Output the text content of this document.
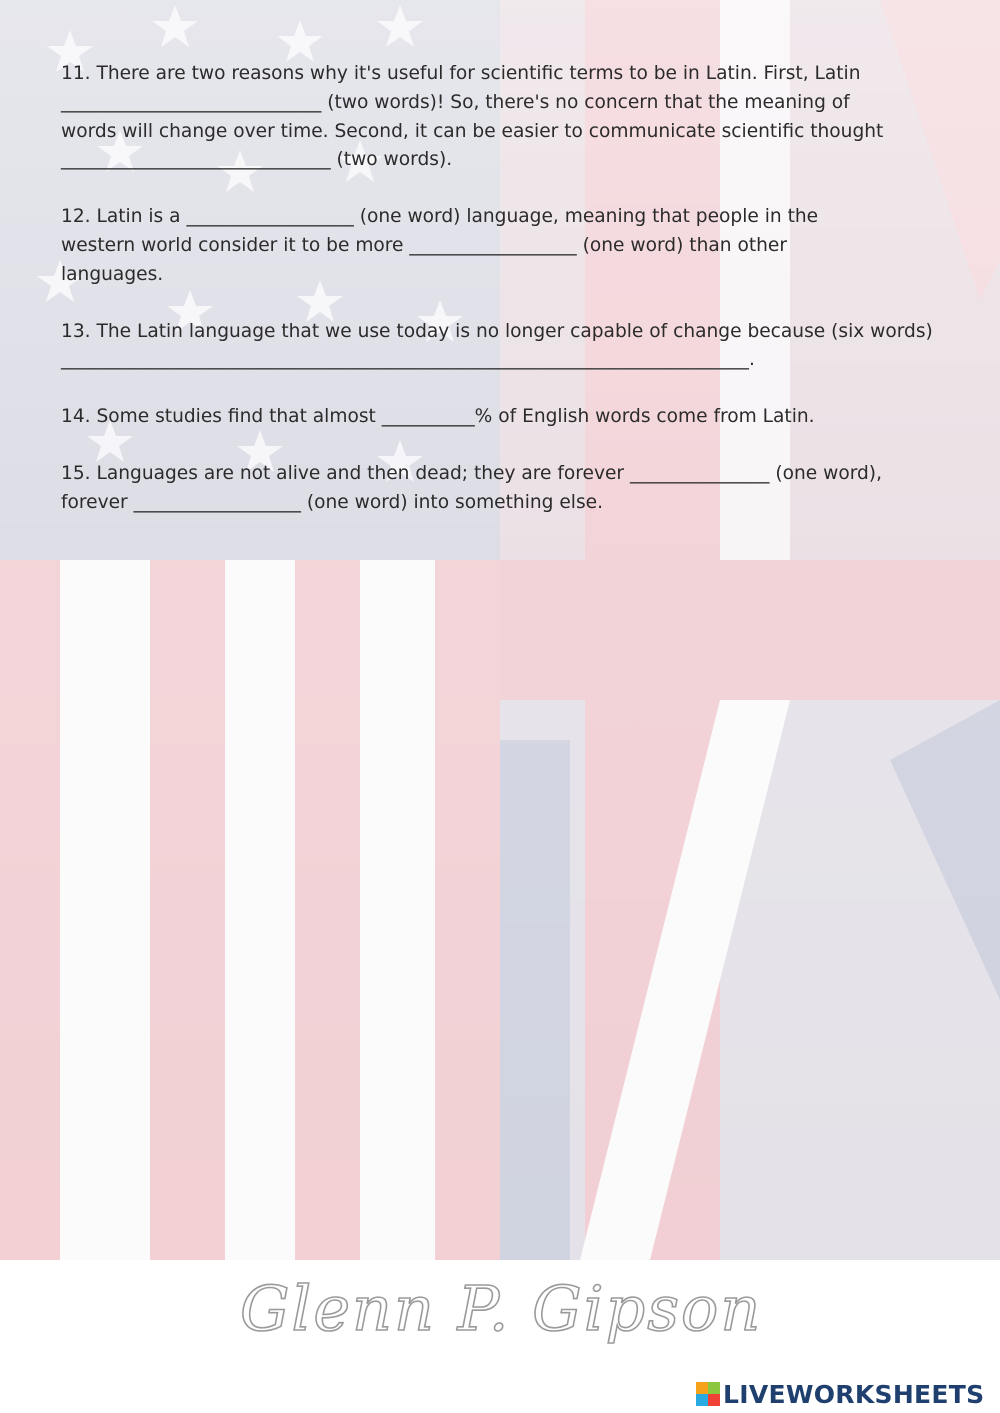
11. There are two reasons why it's useful for scientific terms to be in Latin. First, Latin
____________________________ (two words)! So, there's no concern that the meaning of
words will change over time. Second, it can be easier to communicate scientific thought
_____________________________ (two words).

12. Latin is a __________________ (one word) language, meaning that people in the
western world consider it to be more __________________ (one word) than other
languages.

13. The Latin language that we use today is no longer capable of change because (six words)
__________________________________________________________________________.

14. Some studies find that almost __________% of English words come from Latin.

15. Languages are not alive and then dead; they are forever _______________ (one word),
forever __________________ (one word) into something else.

Glenn P. Gipson
LIVEWORKSHEETS
